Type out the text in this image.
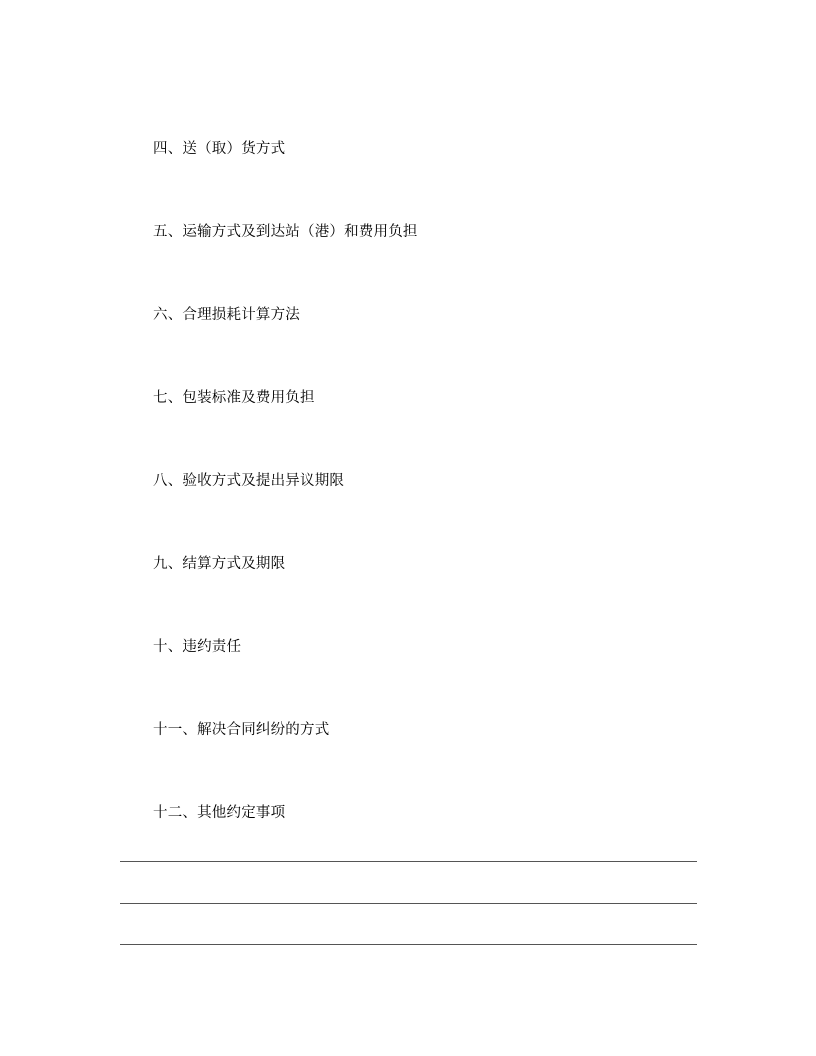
四、送（取）货方式
五、运输方式及到达站（港）和费用负担
六、合理损耗计算方法
七、包装标准及费用负担
八、验收方式及提出异议期限
九、结算方式及期限
十、违约责任
十一、解决合同纠纷的方式
十二、其他约定事项
